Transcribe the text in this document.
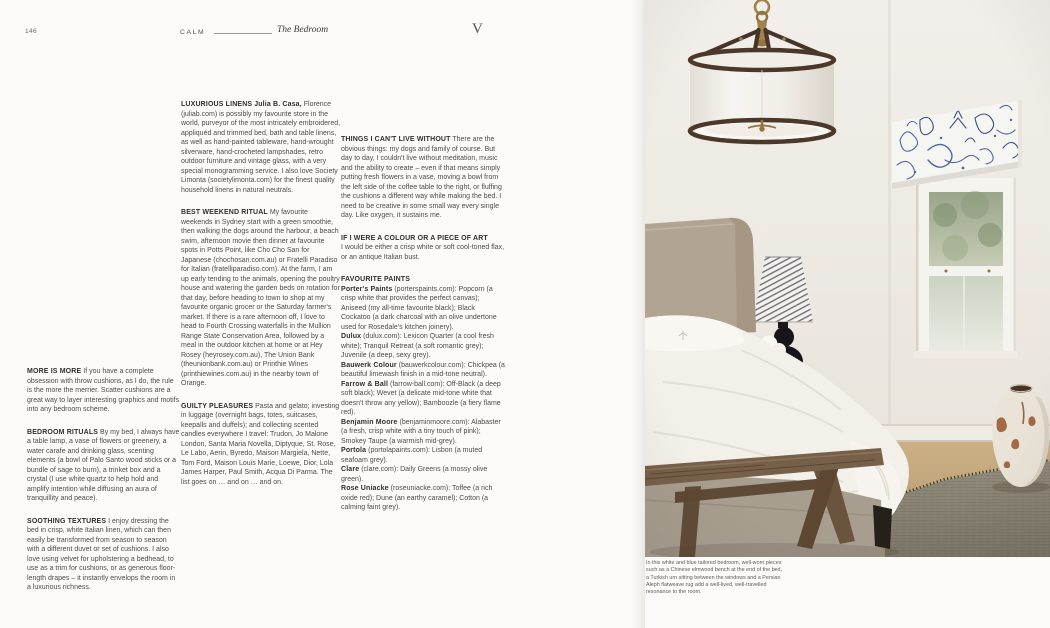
146	CALM	The Bedroom	V

MORE IS MORE If you have a complete obsession with throw cushions, as I do, the rule is the more the merrier. Scatter cushions are a great way to layer interesting graphics and motifs into any bedroom scheme.

BEDROOM RITUALS By my bed, I always have a table lamp, a vase of flowers or greenery, a water carafe and drinking glass, scenting elements (a bowl of Palo Santo wood sticks or a bundle of sage to burn), a trinket box and a crystal (I use white quartz to help hold and amplify intention while diffusing an aura of tranquillity and peace).

SOOTHING TEXTURES I enjoy dressing the bed in crisp, white Italian linen, which can then easily be transformed from season to season with a different duvet or set of cushions. I also love using velvet for upholstering a bedhead, to use as a trim for cushions, or as generous floor-length drapes – it instantly envelops the room in a luxurious richness.

LUXURIOUS LINENS Julia B. Casa, Florence (juliab.com) is possibly my favourite store in the world, purveyor of the most intricately embroidered, appliquéd and trimmed bed, bath and table linens, as well as hand-painted tableware, hand-wrought silverware, hand-crocheted lampshades, retro outdoor furniture and vintage glass, with a very special monogramming service. I also love Society Limonta (societylimonta.com) for the finest quality household linens in natural neutrals.

BEST WEEKEND RITUAL My favourite weekends in Sydney start with a green smoothie, then walking the dogs around the harbour, a beach swim, afternoon movie then dinner at favourite spots in Potts Point, like Cho Cho San for Japanese (chochosan.com.au) or Fratelli Paradiso for Italian (fratelliparadiso.com). At the farm, I am up early tending to the animals, opening the poultry house and watering the garden beds on rotation for that day, before heading to town to shop at my favourite organic grocer or the Saturday farmer's market. If there is a rare afternoon off, I love to head to Fourth Crossing waterfalls in the Mullion Range State Conservation Area, followed by a meal in the outdoor kitchen at home or at Hey Rosey (heyrosey.com.au), The Union Bank (theunionbank.com.au) or Printhie Wines (printhiewines.com.au) in the nearby town of Orange.

GUILTY PLEASURES Pasta and gelato; investing in luggage (overnight bags, totes, suitcases, keepalls and duffels); and collecting scented candles everywhere I travel: Trudon, Jo Malone London, Santa Maria Novella, Diptyque, St. Rose, Le Labo, Aerin, Byredo, Maison Margiela, Nette, Tom Ford, Maison Louis Marie, Loewe, Dior, Lola James Harper, Paul Smith, Acqua Di Parma. The list goes on … and on … and on.

THINGS I CAN'T LIVE WITHOUT There are the obvious things: my dogs and family of course. But day to day, I couldn't live without meditation, music and the ability to create – even if that means simply putting fresh flowers in a vase, moving a bowl from the left side of the coffee table to the right, or fluffing the cushions a different way while making the bed. I need to be creative in some small way every single day. Like oxygen, it sustains me.

IF I WERE A COLOUR OR A PIECE OF ART
I would be either a crisp white or soft cool-toned flax, or an antique Italian bust.

FAVOURITE PAINTS
Porter's Paints (porterspaints.com): Popcorn (a crisp white that provides the perfect canvas); Aniseed (my all-time favourite black); Black Cockatoo (a dark charcoal with an olive undertone used for Rosedale's kitchen joinery).
Dulux (dulux.com): Lexicon Quarter (a cool fresh white); Tranquil Retreat (a soft romantic grey); Juvenile (a deep, sexy grey).
Bauwerk Colour (bauwerkcolour.com): Chickpea (a beautiful limewash finish in a mid-tone neutral).
Farrow & Ball (farrow-ball.com): Off-Black (a deep soft black); Wevet (a delicate mid-tone white that doesn't throw any yellow); Bamboozle (a fiery flame red).
Benjamin Moore (benjaminmoore.com): Alabaster (a fresh, crisp white with a tiny touch of pink); Smokey Taupe (a warmish mid-grey).
Portola (portolapaints.com): Lisbon (a muted seafoam grey).
Clare (clare.com): Daily Greens (a mossy olive green).
Rose Uniacke (roseuniacke.com): Toffee (a rich oxide red); Dune (an earthy caramel); Cotton (a calming faint grey).

In this white and blue tailored bedroom, well-worn pieces such as a Chinese elmwood bench at the end of the bed, a Turkish urn sitting between the windows and a Persian Aleph flatweave rug add a well-lived, well-travelled resonance to the room.
